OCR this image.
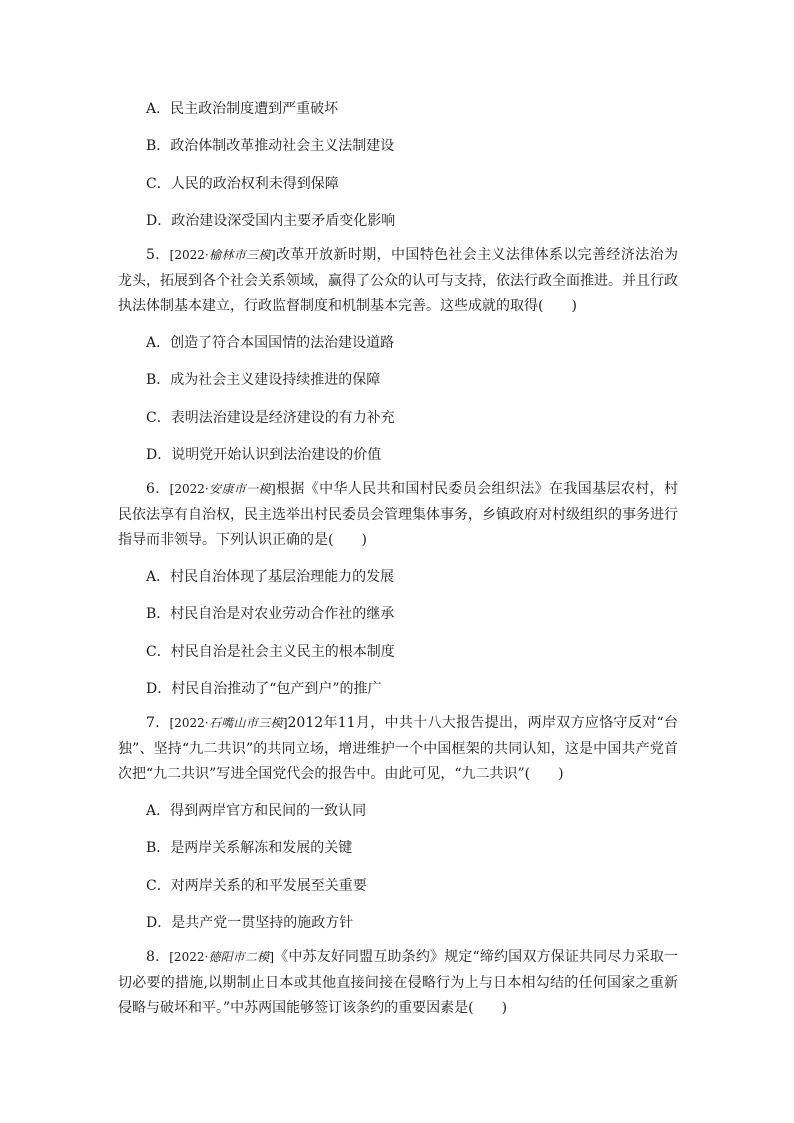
A．民主政治制度遭到严重破坏
B．政治体制改革推动社会主义法制建设
C．人民的政治权利未得到保障
D．政治建设深受国内主要矛盾变化影响
5．[2022·榆林市三模]改革开放新时期，中国特色社会主义法律体系以完善经济法治为龙头，拓展到各个社会关系领域，赢得了公众的认可与支持，依法行政全面推进。并且行政执法体制基本建立，行政监督制度和机制基本完善。这些成就的取得(　　)
A．创造了符合本国国情的法治建设道路
B．成为社会主义建设持续推进的保障
C．表明法治建设是经济建设的有力补充
D．说明党开始认识到法治建设的价值
6．[2022·安康市一模]根据《中华人民共和国村民委员会组织法》在我国基层农村，村民依法享有自治权，民主选举出村民委员会管理集体事务，乡镇政府对村级组织的事务进行指导而非领导。下列认识正确的是(　　)
A．村民自治体现了基层治理能力的发展
B．村民自治是对农业劳动合作社的继承
C．村民自治是社会主义民主的根本制度
D．村民自治推动了“包产到户”的推广
7．[2022·石嘴山市三模]2012年11月，中共十八大报告提出，两岸双方应恪守反对“台独”、坚持“九二共识”的共同立场，增进维护一个中国框架的共同认知，这是中国共产党首次把“九二共识”写进全国党代会的报告中。由此可见，“九二共识”(　　)
A．得到两岸官方和民间的一致认同
B．是两岸关系解冻和发展的关键
C．对两岸关系的和平发展至关重要
D．是共产党一贯坚持的施政方针
8．[2022·德阳市二模]《中苏友好同盟互助条约》规定“缔约国双方保证共同尽力采取一切必要的措施,以期制止日本或其他直接间接在侵略行为上与日本相勾结的任何国家之重新侵略与破坏和平。”中苏两国能够签订该条约的重要因素是(　　)
